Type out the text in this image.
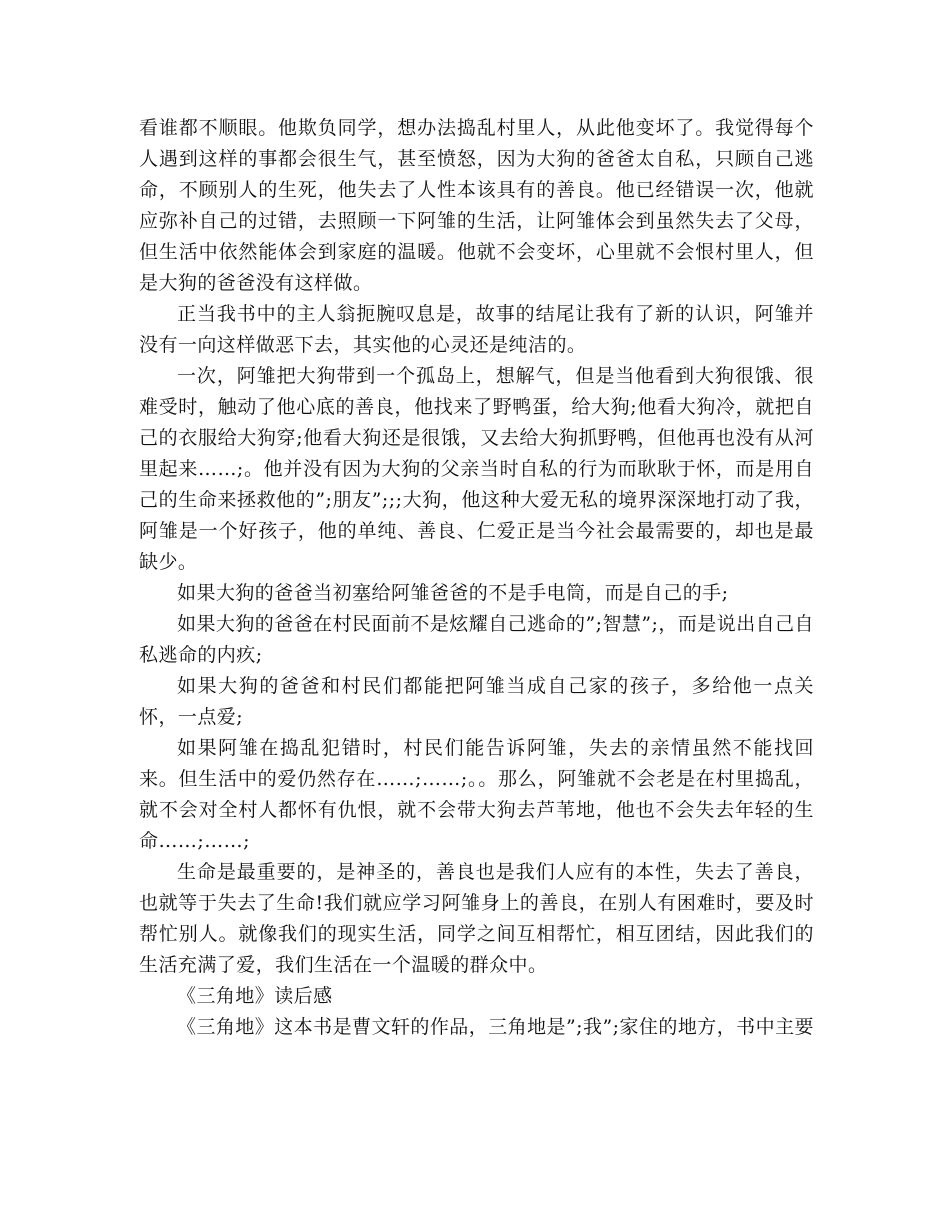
看谁都不顺眼。他欺负同学，想办法捣乱村里人，从此他变坏了。我觉得每个人遇到这样的事都会很生气，甚至愤怒，因为大狗的爸爸太自私，只顾自己逃命，不顾别人的生死，他失去了人性本该具有的善良。他已经错误一次，他就应弥补自己的过错，去照顾一下阿雏的生活，让阿雏体会到虽然失去了父母，但生活中依然能体会到家庭的温暖。他就不会变坏，心里就不会恨村里人，但是大狗的爸爸没有这样做。

正当我书中的主人翁扼腕叹息是，故事的结尾让我有了新的认识，阿雏并没有一向这样做恶下去，其实他的心灵还是纯洁的。

一次，阿雏把大狗带到一个孤岛上，想解气，但是当他看到大狗很饿、很难受时，触动了他心底的善良，他找来了野鸭蛋，给大狗;他看大狗冷，就把自己的衣服给大狗穿;他看大狗还是很饿，又去给大狗抓野鸭，但他再也没有从河里起来……;。他并没有因为大狗的父亲当时自私的行为而耿耿于怀，而是用自己的生命来拯救他的”;朋友”;;;大狗，他这种大爱无私的境界深深地打动了我，阿雏是一个好孩子，他的单纯、善良、仁爱正是当今社会最需要的，却也是最缺少。

如果大狗的爸爸当初塞给阿雏爸爸的不是手电筒，而是自己的手;

如果大狗的爸爸在村民面前不是炫耀自己逃命的”;智慧”;，而是说出自己自私逃命的内疚;

如果大狗的爸爸和村民们都能把阿雏当成自己家的孩子，多给他一点关怀，一点爱;

如果阿雏在捣乱犯错时，村民们能告诉阿雏，失去的亲情虽然不能找回来。但生活中的爱仍然存在……;……;。。那么，阿雏就不会老是在村里捣乱，就不会对全村人都怀有仇恨，就不会带大狗去芦苇地，他也不会失去年轻的生命……;……;

生命是最重要的，是神圣的，善良也是我们人应有的本性，失去了善良，也就等于失去了生命!我们就应学习阿雏身上的善良，在别人有困难时，要及时帮忙别人。就像我们的现实生活，同学之间互相帮忙，相互团结，因此我们的生活充满了爱，我们生活在一个温暖的群众中。

《三角地》读后感

《三角地》这本书是曹文轩的作品，三角地是”;我”;家住的地方，书中主要
